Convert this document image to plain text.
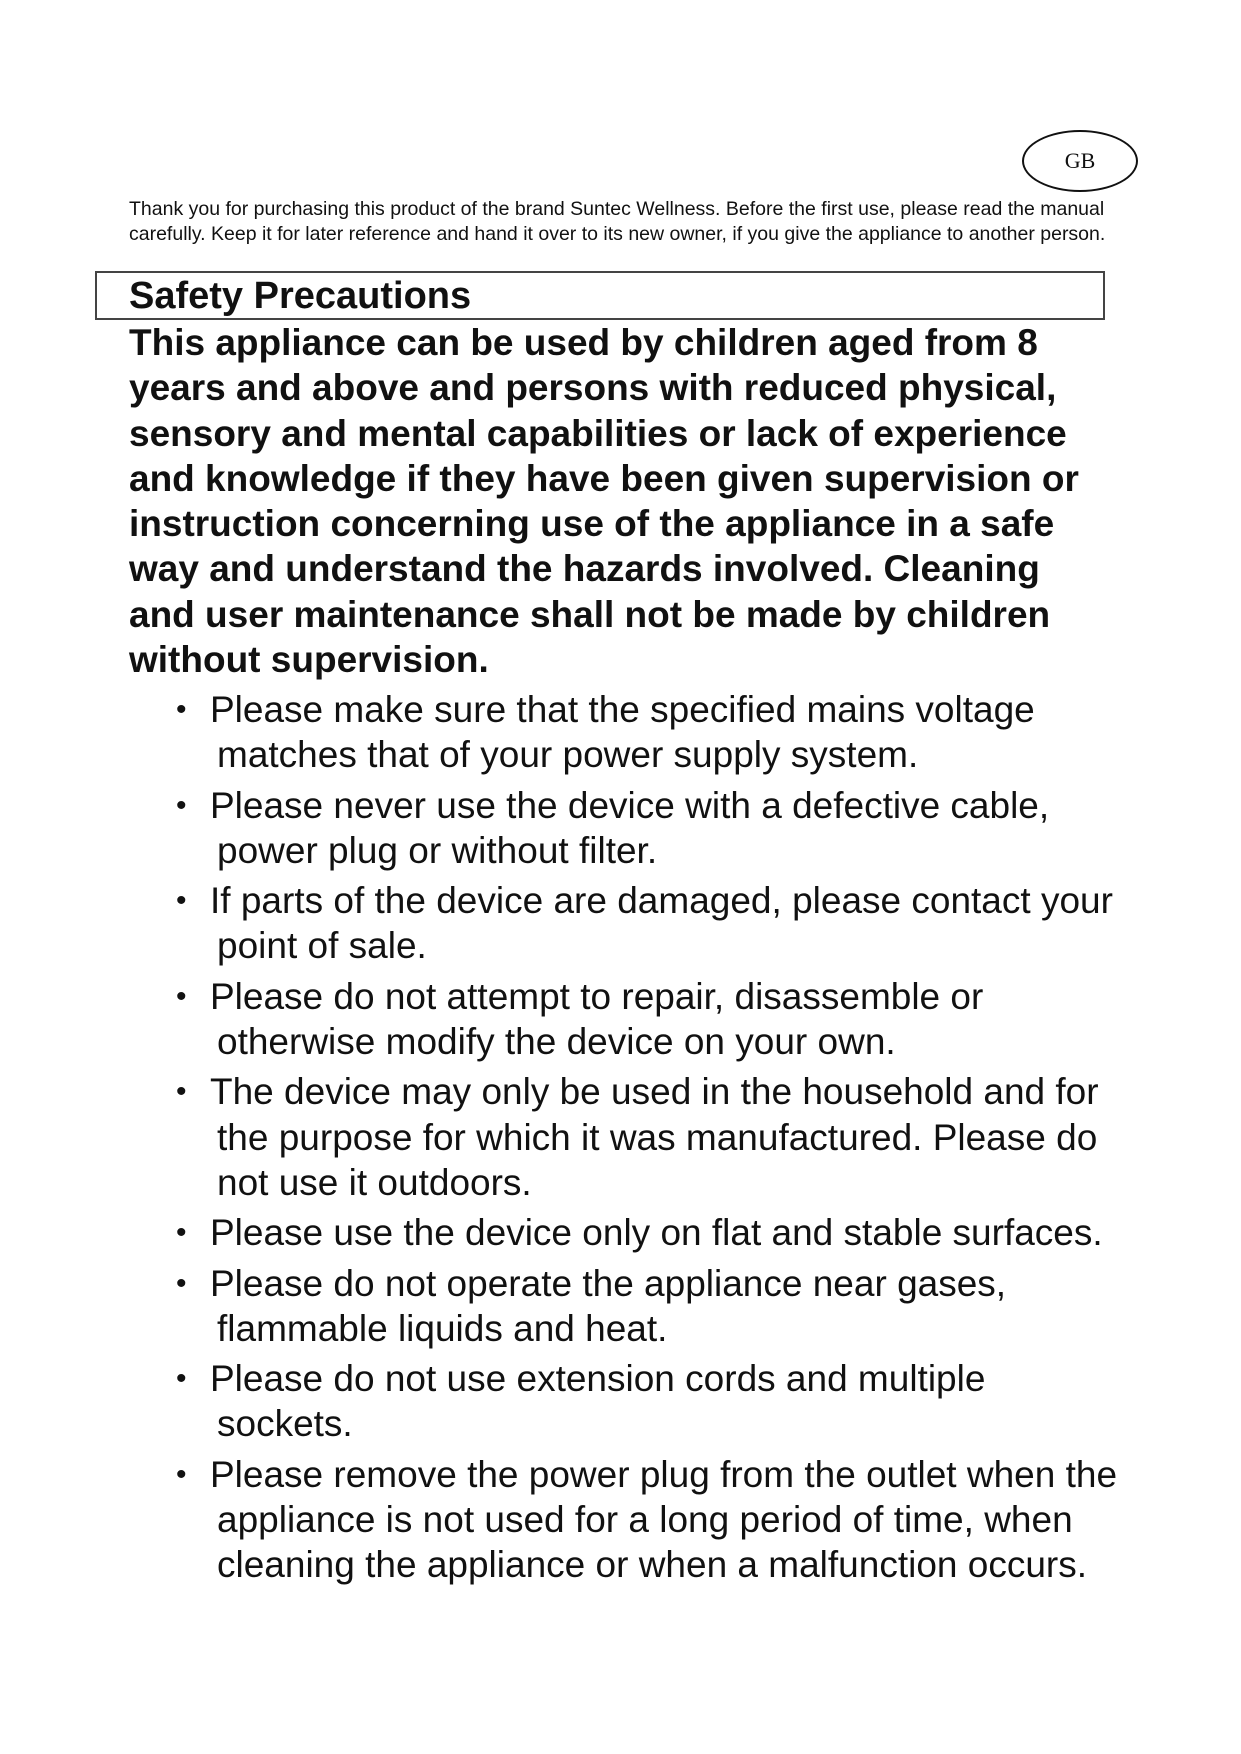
GB

Thank you for purchasing this product of the brand Suntec Wellness. Before the first use, please read the manual carefully. Keep it for later reference and hand it over to its new owner, if you give the appliance to another person.

Safety Precautions

This appliance can be used by children aged from 8 years and above and persons with reduced physical, sensory and mental capabilities or lack of experience and knowledge if they have been given supervision or instruction concerning use of the appliance in a safe way and understand the hazards involved. Cleaning and user maintenance shall not be made by children without supervision.

• Please make sure that the specified mains voltage matches that of your power supply system.
• Please never use the device with a defective cable, power plug or without filter.
• If parts of the device are damaged, please contact your point of sale.
• Please do not attempt to repair, disassemble or otherwise modify the device on your own.
• The device may only be used in the household and for the purpose for which it was manufactured. Please do not use it outdoors.
• Please use the device only on flat and stable surfaces.
• Please do not operate the appliance near gases, flammable liquids and heat.
• Please do not use extension cords and multiple sockets.
• Please remove the power plug from the outlet when the appliance is not used for a long period of time, when cleaning the appliance or when a malfunction occurs.
